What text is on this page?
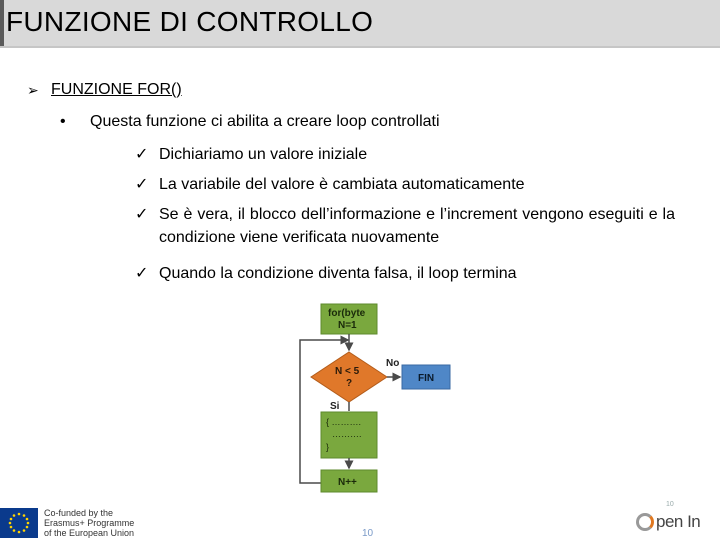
FUNZIONE DI CONTROLLO
➢ FUNZIONE FOR()
•	Questa funzione ci abilita a creare loop controllati
✓ Dichiariamo un valore iniziale
✓ La variabile del valore è cambiata automaticamente
✓ Se è vera, il blocco dell’informazione e l’increment vengono eseguiti e la condizione viene verificata nuovamente
✓ Quando la condizione diventa falsa, il loop termina
for(byte
N=1
N < 5
?
No
FIN
Si
{ ……….
……….
}
N++
Co-funded by the
Erasmus+ Programme
of the European Union	10
10
pen In
